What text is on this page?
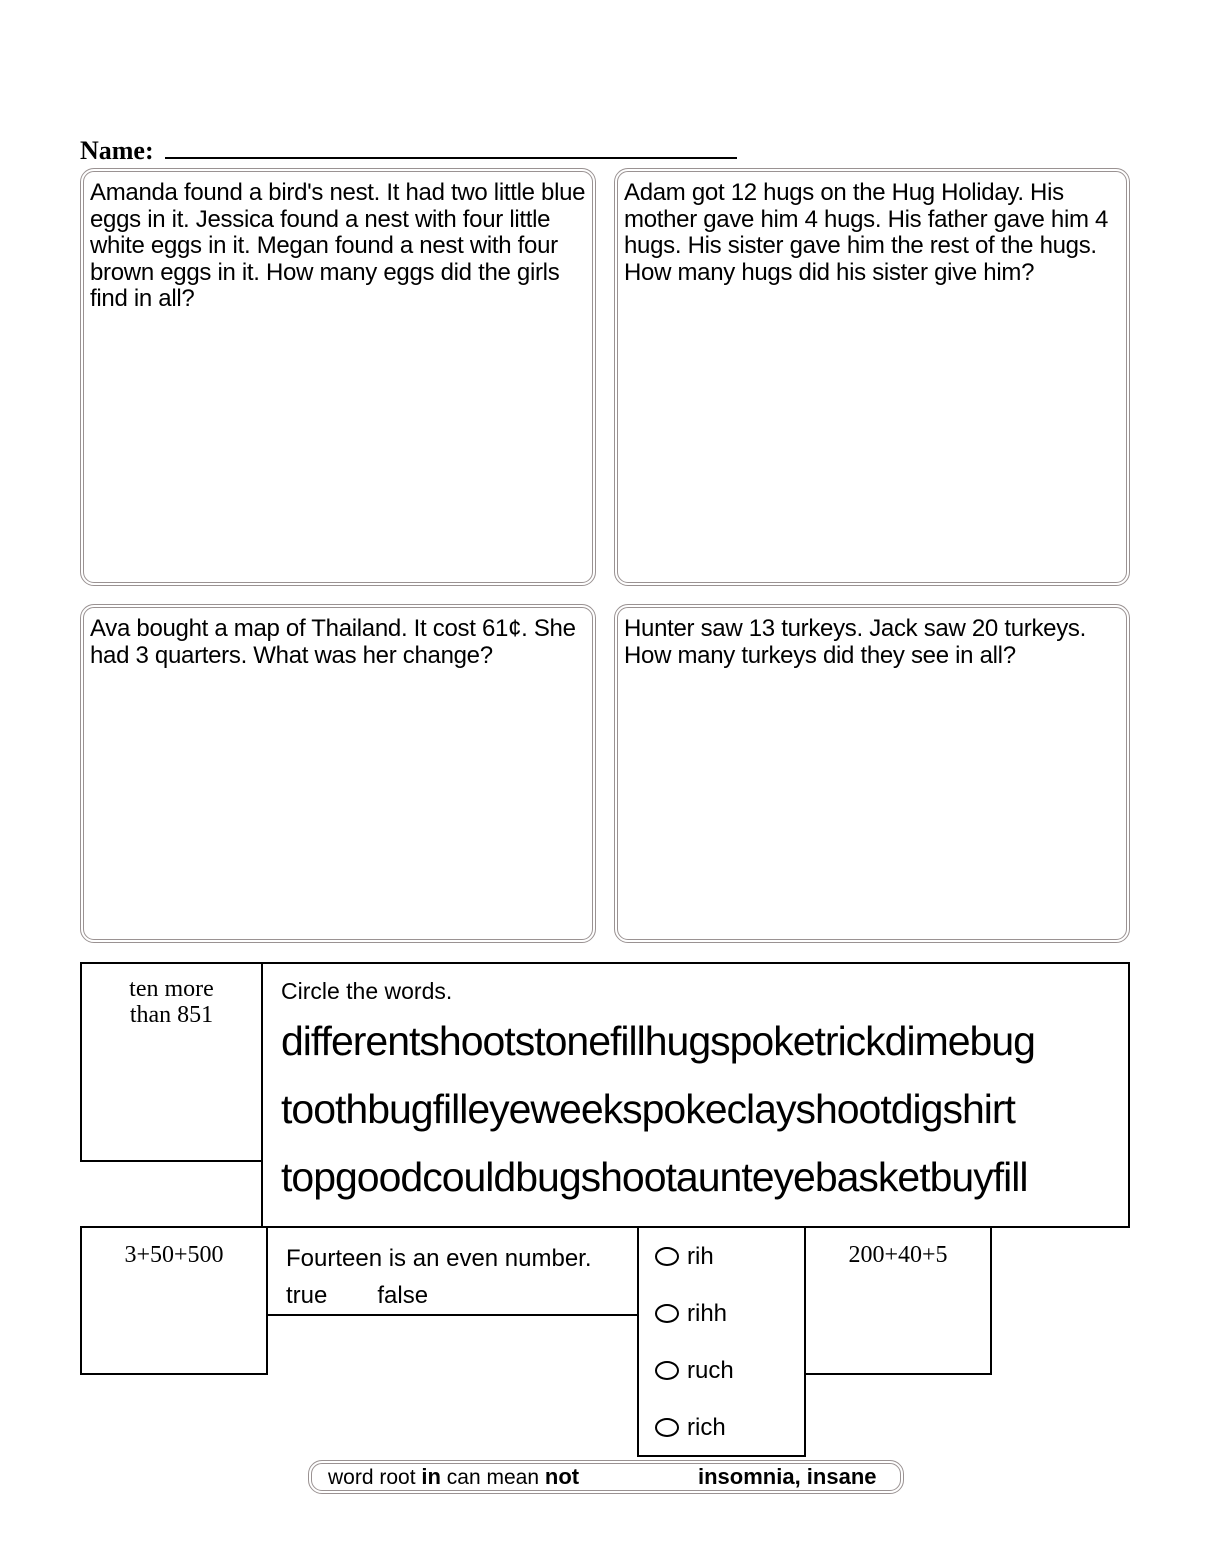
Name:
Amanda found a bird's nest. It had two little blue eggs in it. Jessica found a nest with four little white eggs in it. Megan found a nest with four brown eggs in it. How many eggs did the girls find in all?
Adam got 12 hugs on the Hug Holiday. His mother gave him 4 hugs. His father gave him 4 hugs. His sister gave him the rest of the hugs. How many hugs did his sister give him?
Ava bought a map of Thailand. It cost 61¢. She had 3 quarters. What was her change?
Hunter saw 13 turkeys. Jack saw 20 turkeys. How many turkeys did they see in all?
ten more than 851
Circle the words.
differentshootstonefillhugspoketrickdimebug
toothbugfilleyeweekspokeclayshootdigshirt
topgoodcouldbugshootaunteyebasketbuyfill
3+50+500	Fourteen is an even number.
true false
rih
rihh
ruch
rich
200+40+5
word root in can mean not	insomnia, insane
